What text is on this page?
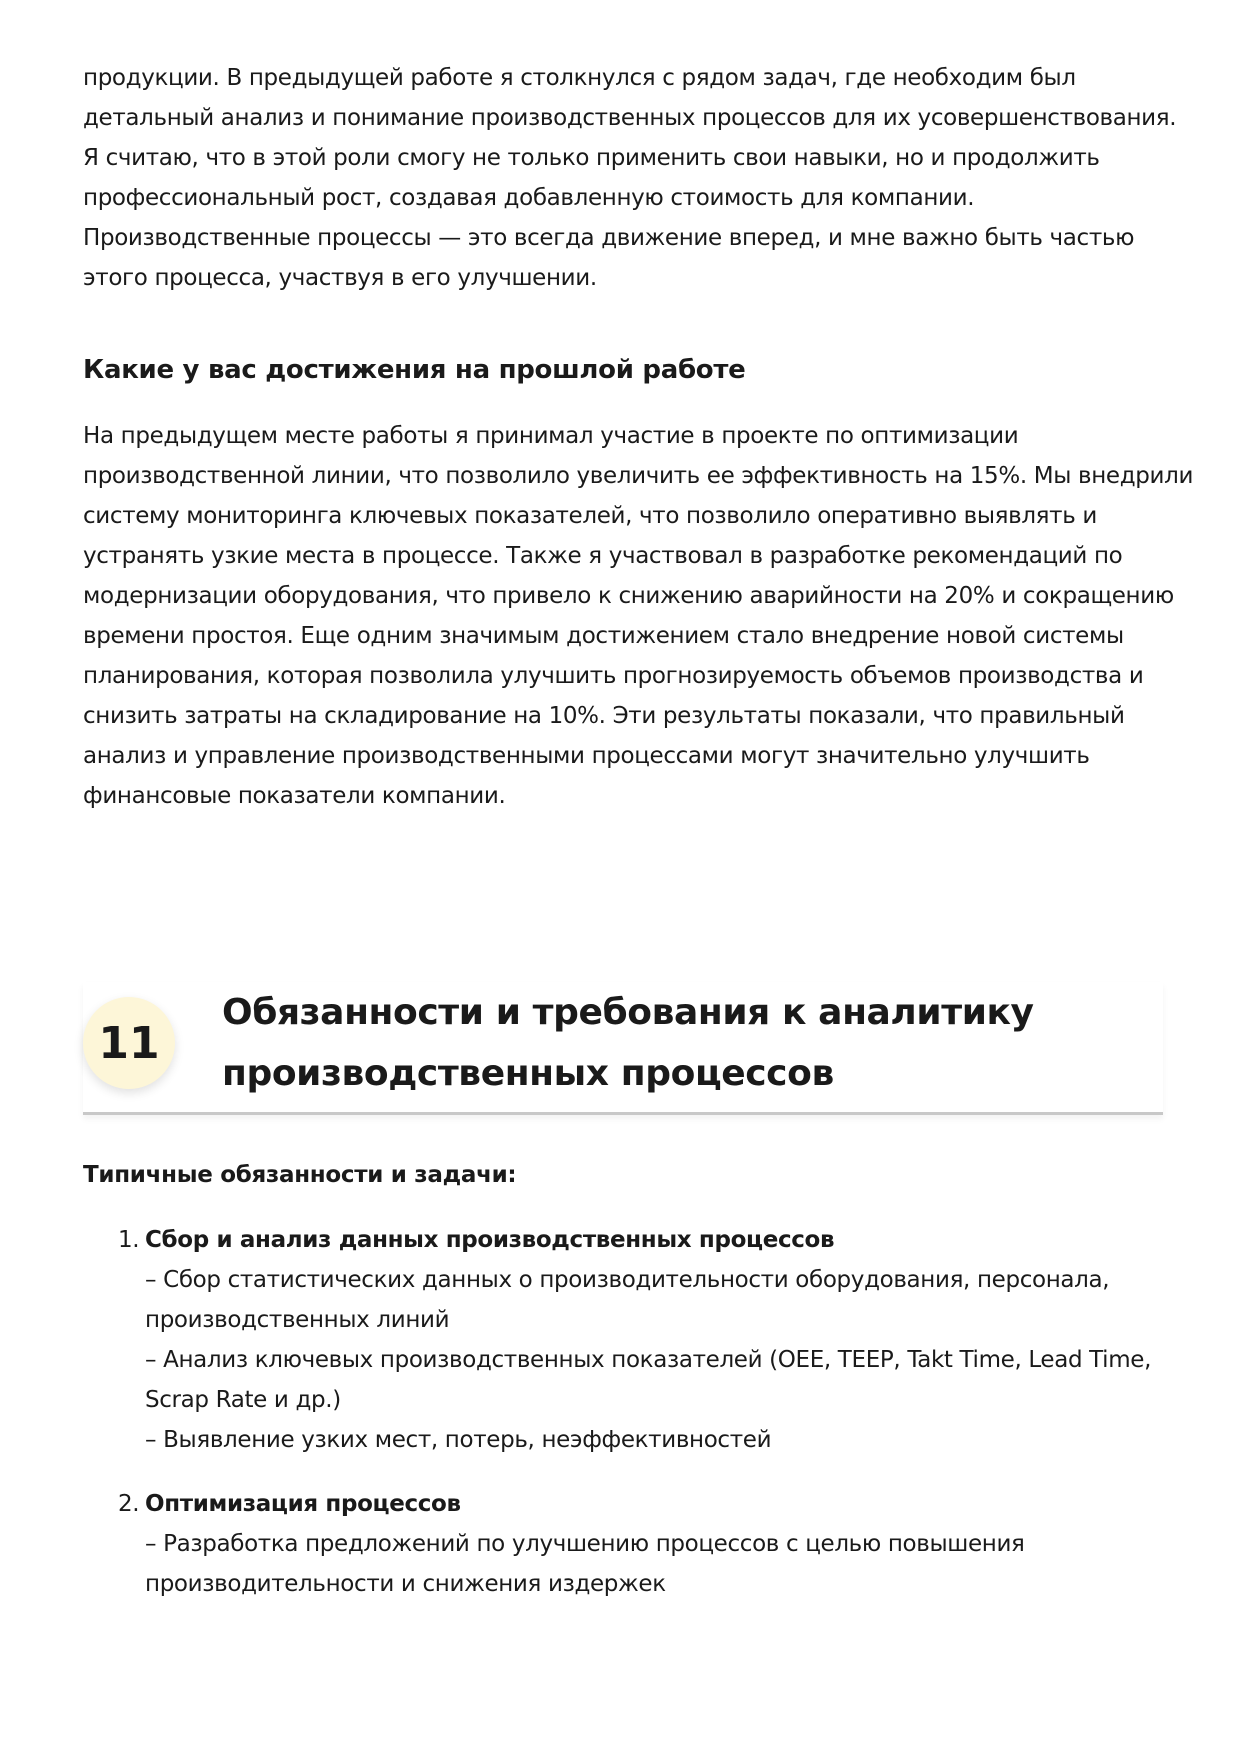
продукции. В предыдущей работе я столкнулся с рядом задач, где необходим был
детальный анализ и понимание производственных процессов для их усовершенствования.
Я считаю, что в этой роли смогу не только применить свои навыки, но и продолжить
профессиональный рост, создавая добавленную стоимость для компании.
Производственные процессы — это всегда движение вперед, и мне важно быть частью
этого процесса, участвуя в его улучшении.

Какие у вас достижения на прошлой работе

На предыдущем месте работы я принимал участие в проекте по оптимизации
производственной линии, что позволило увеличить ее эффективность на 15%. Мы внедрили
систему мониторинга ключевых показателей, что позволило оперативно выявлять и
устранять узкие места в процессе. Также я участвовал в разработке рекомендаций по
модернизации оборудования, что привело к снижению аварийности на 20% и сокращению
времени простоя. Еще одним значимым достижением стало внедрение новой системы
планирования, которая позволила улучшить прогнозируемость объемов производства и
снизить затраты на складирование на 10%. Эти результаты показали, что правильный
анализ и управление производственными процессами могут значительно улучшить
финансовые показатели компании.

11
Обязанности и требования к аналитику
производственных процессов

Типичные обязанности и задачи:

1. Сбор и анализ данных производственных процессов
– Сбор статистических данных о производительности оборудования, персонала,
производственных линий
– Анализ ключевых производственных показателей (OEE, TEEP, Takt Time, Lead Time,
Scrap Rate и др.)
– Выявление узких мест, потерь, неэффективностей
2. Оптимизация процессов
– Разработка предложений по улучшению процессов с целью повышения
производительности и снижения издержек
